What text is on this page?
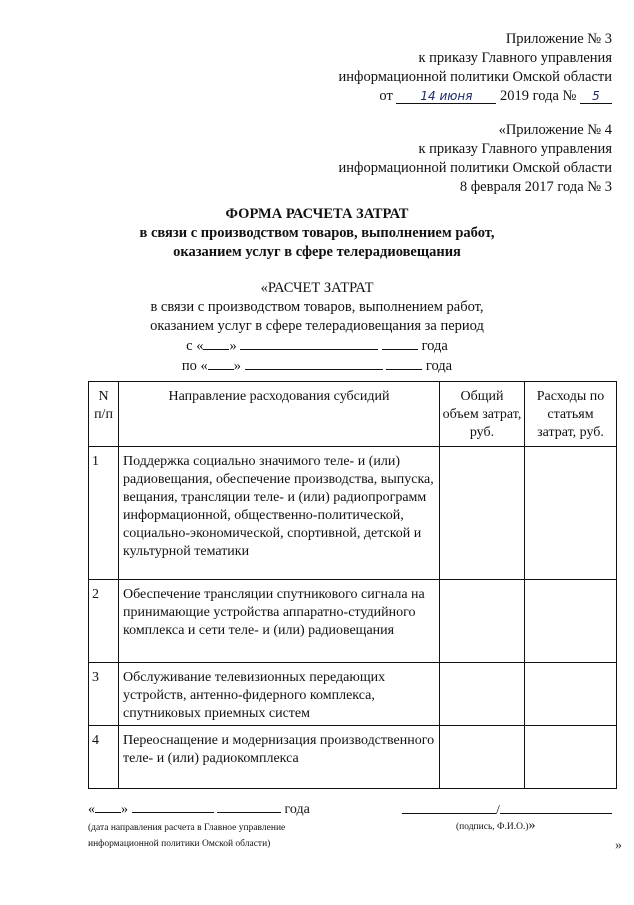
Приложение № 3
к приказу Главного управления
информационной политики Омской области
от 14 июня 2019 года № 5
«Приложение № 4
к приказу Главного управления
информационной политики Омской области
8 февраля 2017 года № 3
ФОРМА РАСЧЕТА ЗАТРАТ
в связи с производством товаров, выполнением работ,
оказанием услуг в сфере телерадиовещания
«РАСЧЕТ ЗАТРАТ
в связи с производством товаров, выполнением работ,
оказанием услуг в сфере телерадиовещания за период
с « »	года
по « »	года
N
п/п	Направление расходования субсидий	Общий объем затрат, руб.	Расходы по статьям затрат, руб.
1	Поддержка социально значимого теле- и (или) радиовещания, обеспечение производства, выпуска, вещания, трансляции теле- и (или) радиопрограмм информационной, общественно-политической, социально-экономической, спортивной, детской и культурной тематики		
2	Обеспечение трансляции спутникового сигнала на принимающие устройства аппаратно-студийного комплекса и сети теле- и (или) радиовещания		
3	Обслуживание телевизионных передающих устройств, антенно-фидерного комплекса, спутниковых приемных систем		
4	Переоснащение и модернизация производственного теле- и (или) радиокомплекса		
« »	года
(дата направления расчета в Главное управление
информационной политики Омской области)
/
(подпись, Ф.И.О.)»
»
